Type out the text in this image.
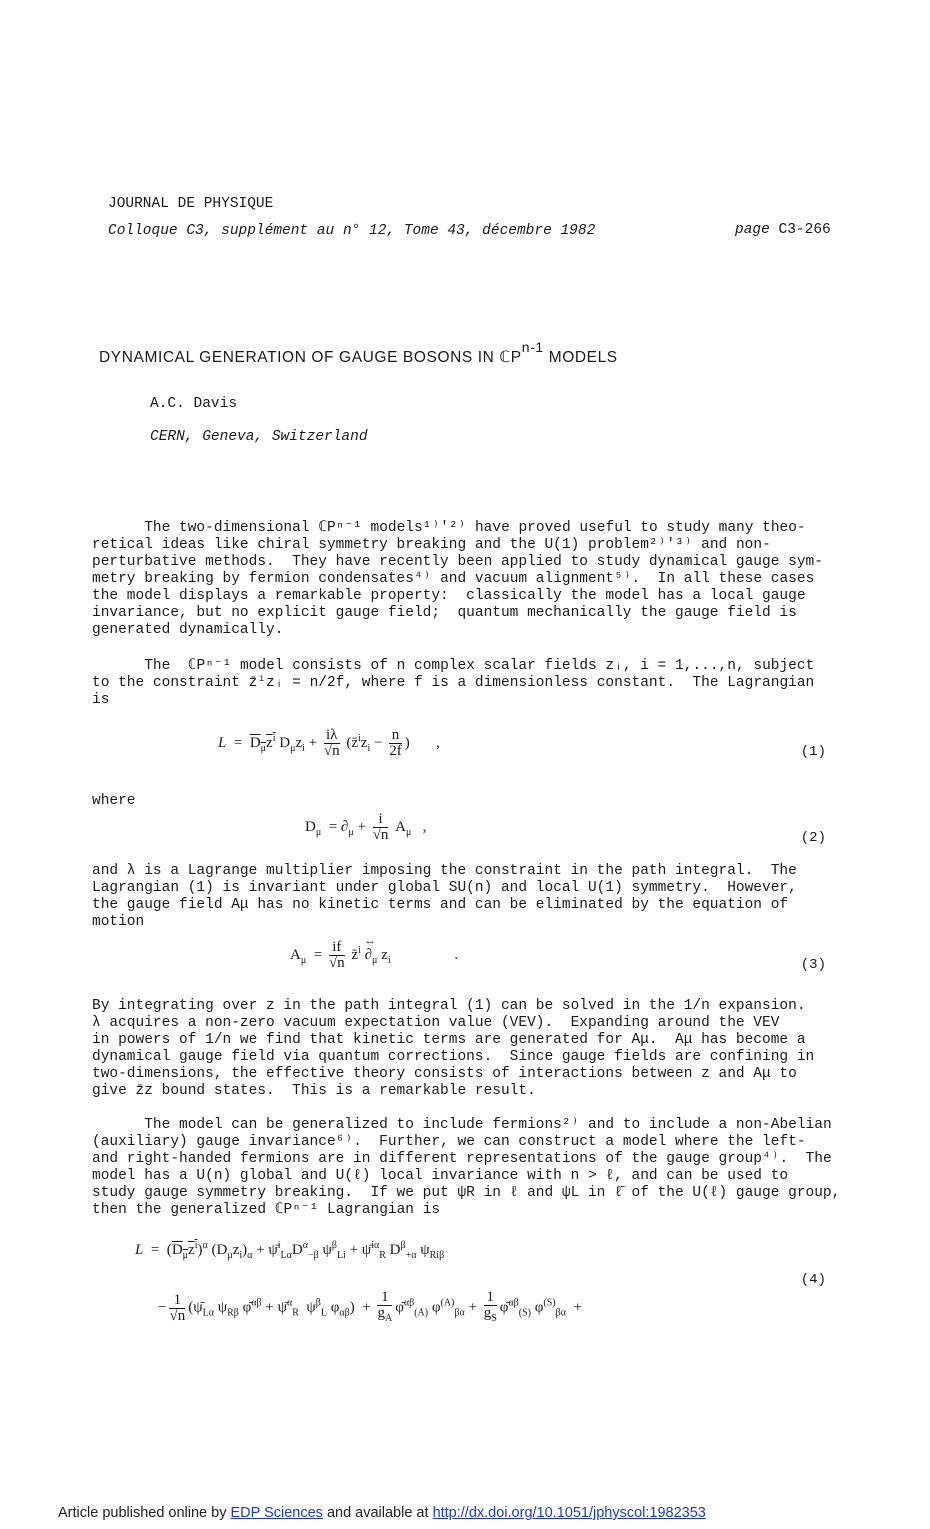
JOURNAL DE PHYSIQUE
Colloque C3, supplément au n° 12, Tome 43, décembre 1982	page C3-266
DYNAMICAL GENERATION OF GAUGE BOSONS IN ℂP$^{n-1}$ MODELS
A.C. Davis
CERN, Geneva, Switzerland
The two-dimensional ℂPⁿ⁻¹ models¹⁾'²⁾ have proved useful to study many theo-
retical ideas like chiral symmetry breaking and the U(1) problem²⁾'³⁾ and non-
perturbative methods.  They have recently been applied to study dynamical gauge sym-
metry breaking by fermion condensates⁴⁾ and vacuum alignment⁵⁾.  In all these cases
the model displays a remarkable property:  classically the model has a local gauge
invariance, but no explicit gauge field;  quantum mechanically the gauge field is
generated dynamically.
The  ℂPⁿ⁻¹ model consists of n complex scalar fields zᵢ, i = 1,...,n, subject
to the constraint z̄ⁱzᵢ = n/2f, where f is a dimensionless constant.  The Lagrangian
is
$L = D_\mu z^i$ $D_\mu z_i + \frac{i\lambda}{√n}$ ($z̄^iz_i - \frac{n}{2f}$ )       ,
(1)
where
$D_\mu = \partial_\mu + \frac{i}{√n} A_\mu$   ,
(2)
and λ is a Lagrange multiplier imposing the constraint in the path integral.  The
Lagrangian (1) is invariant under global SU(n) and local U(1) symmetry.  However,
the gauge field Aμ has no kinetic terms and can be eliminated by the equation of
motion
$A_\mu = \frac{if}{√n}$ z̄$^i$
↔
$\partial_\mu$ $z_i$                 .
(3)
By integrating over z in the path integral (1) can be solved in the 1/n expansion.
λ acquires a non-zero vacuum expectation value (VEV).  Expanding around the VEV
in powers of 1/n we find that kinetic terms are generated for Aμ.  Aμ has become a
dynamical gauge field via quantum corrections.  Since gauge fields are confining in
two-dimensions, the effective theory consists of interactions between z and Aμ to
give z̄z bound states.  This is a remarkable result.
The model can be generalized to include fermions²⁾ and to include a non-Abelian
(auxiliary) gauge invariance⁶⁾.  Further, we can construct a model where the left-
and right-handed fermions are in different representations of the gauge group⁴⁾.  The
model has a U(n) global and U(ℓ) local invariance with n > ℓ, and can be used to
study gauge symmetry breaking.  If we put ψR in ℓ and ψL in ℓ̄ of the U(ℓ) gauge group,
then the generalized ℂPⁿ⁻¹ Lagrangian is
$L = (D_\mu z^i)^\alpha$ $(D_\mu z_i)_\alpha$ + $\psī^i_{L\alpha}D^\alpha_{-\beta}$ $\psi^\beta_{Li}$ + ψ̄$^{i\alpha}_R$ $D^\beta_{+\alpha}$ $\psi_{Ri\beta}$
(4)
− $\frac{1}{√n}$ ($\psī_{L\alpha}$ $\psi_{R\beta}$ φ̄$^{\alpha\beta}$ + ψ̄$^\alpha_R$  $\psi^\beta_L$ $\varphi_{\alpha\beta}) + \frac{1}{g_A}$ φ̄$^{\alpha\beta}_{(A)}$ $\varphi^{(A)}_{\beta\alpha} + \frac{1}{g_S}$ φ̄$^{\alpha\beta}_{(S)}$ $\varphi^{(S)}_{\beta\alpha}$  +
Article published online by EDP Sciences and available at http://dx.doi.org/10.1051/jphyscol:1982353
